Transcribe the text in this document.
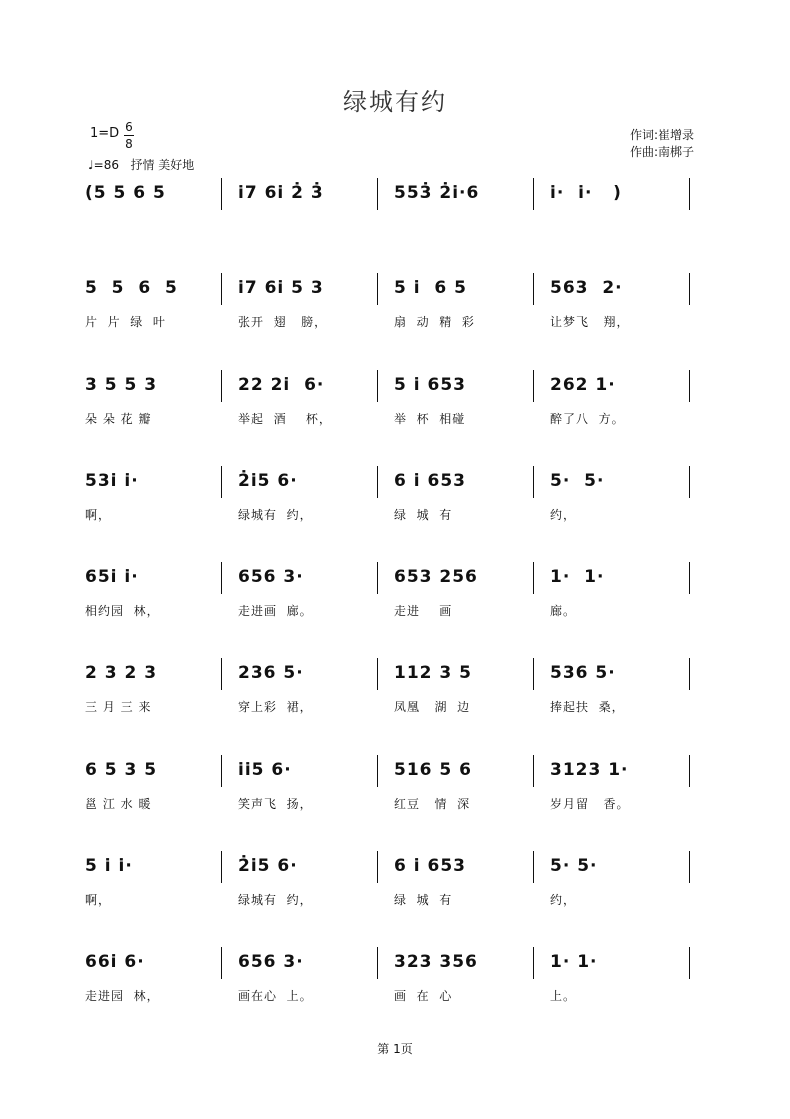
绿城有约
1=D 6
8
♩=86 抒情 美好地
作词:崔增录
作曲:南梆子
(5 5 6 5	i̇7 6i̇ 2̇ 3̇	553̇ 2̇i̇·6	i̇·  i̇·   )
5  5  6  5
片  片  绿  叶
i̇7 6i̇ 5 3
张开  翅   膀，
5 i̇  6 5
扇  动  精  彩
563  2·
让梦飞   翔，
3 5 5 3
朵 朵 花 瓣
22 2i̇  6·
举起  酒    杯，
5 i̇ 653
举  杯  相碰
262 1·
醉了八  方。
53i̇ i̇·
啊，
2̇i̇5 6·
绿城有  约，
6 i̇ 653
绿  城  有
5·  5·
约，
65i̇ i̇·
相约园  林，
656 3·
走进画  廊。
653 256
走进    画
1·  1·
廊。
2 3 2 3
三 月 三 来
236 5·
穿上彩  裙，
112 3 5
凤凰   湖  边
536 5·
捧起扶  桑，
6 5 3 5
邕 江 水 暖
i̇i̇5 6·
笑声飞  扬，
516 5 6
红豆   情  深
3123 1·
岁月留   香。
5 i̇ i̇·
啊，
2̇i̇5 6·
绿城有  约，
6 i̇ 653
绿  城  有
5· 5·
约，
66i̇ 6·
走进园  林，
656 3·
画在心  上。
323 356
画  在  心
1· 1·
上。
第 1页
